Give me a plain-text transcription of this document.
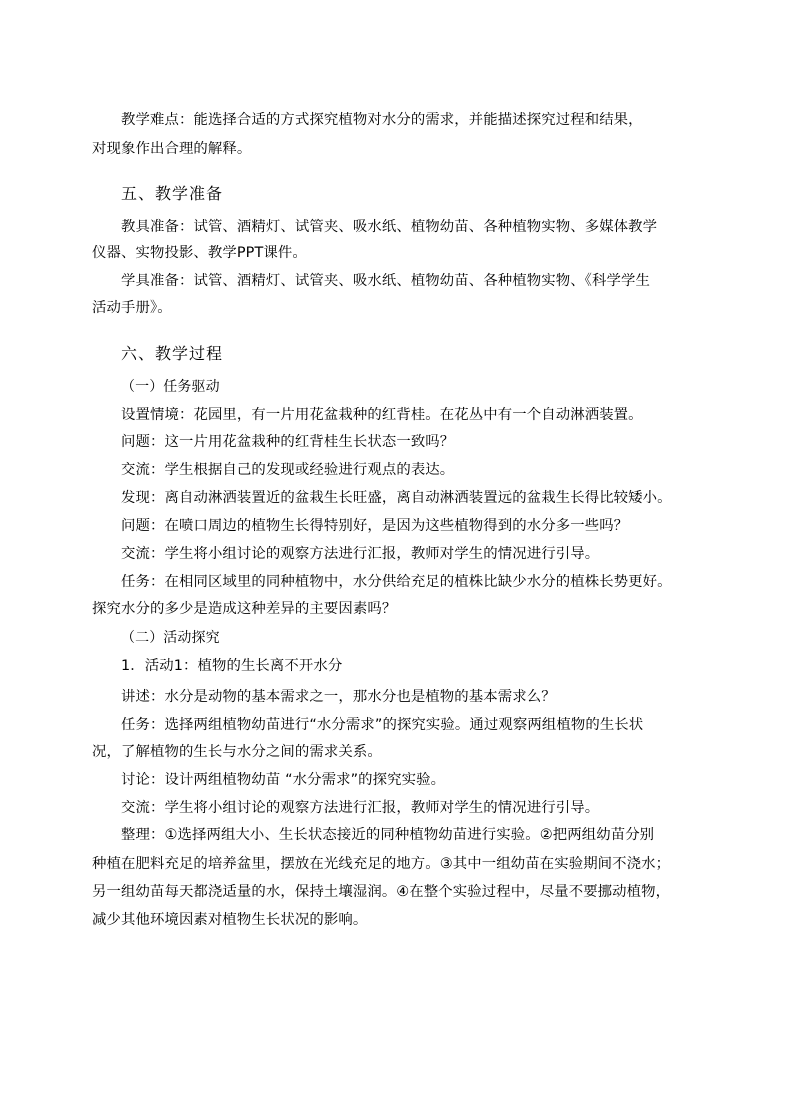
教学难点：能选择合适的方式探究植物对水分的需求，并能描述探究过程和结果，
对现象作出合理的解释。
五、教学准备
教具准备：试管、酒精灯、试管夹、吸水纸、植物幼苗、各种植物实物、多媒体教学
仪器、实物投影、教学PPT课件。
学具准备：试管、酒精灯、试管夹、吸水纸、植物幼苗、各种植物实物、《科学学生
活动手册》。
六、教学过程
（一）任务驱动
设置情境：花园里，有一片用花盆栽种的红背桂。在花丛中有一个自动淋洒装置。
问题：这一片用花盆栽种的红背桂生长状态一致吗？
交流：学生根据自己的发现或经验进行观点的表达。
发现：离自动淋洒装置近的盆栽生长旺盛，离自动淋洒装置远的盆栽生长得比较矮小。
问题：在喷口周边的植物生长得特别好，是因为这些植物得到的水分多一些吗？
交流：学生将小组讨论的观察方法进行汇报，教师对学生的情况进行引导。
任务：在相同区域里的同种植物中，水分供给充足的植株比缺少水分的植株长势更好。
探究水分的多少是造成这种差异的主要因素吗？
（二）活动探究
1．活动1：植物的生长离不开水分
讲述：水分是动物的基本需求之一，那水分也是植物的基本需求么？
任务：选择两组植物幼苗进行“水分需求”的探究实验。通过观察两组植物的生长状
况，了解植物的生长与水分之间的需求关系。
讨论：设计两组植物幼苗 “水分需求”的探究实验。
交流：学生将小组讨论的观察方法进行汇报，教师对学生的情况进行引导。
整理：①选择两组大小、生长状态接近的同种植物幼苗进行实验。②把两组幼苗分别
种植在肥料充足的培养盆里，摆放在光线充足的地方。③其中一组幼苗在实验期间不浇水；
另一组幼苗每天都浇适量的水，保持土壤湿润。④在整个实验过程中，尽量不要挪动植物，
减少其他环境因素对植物生长状况的影响。
